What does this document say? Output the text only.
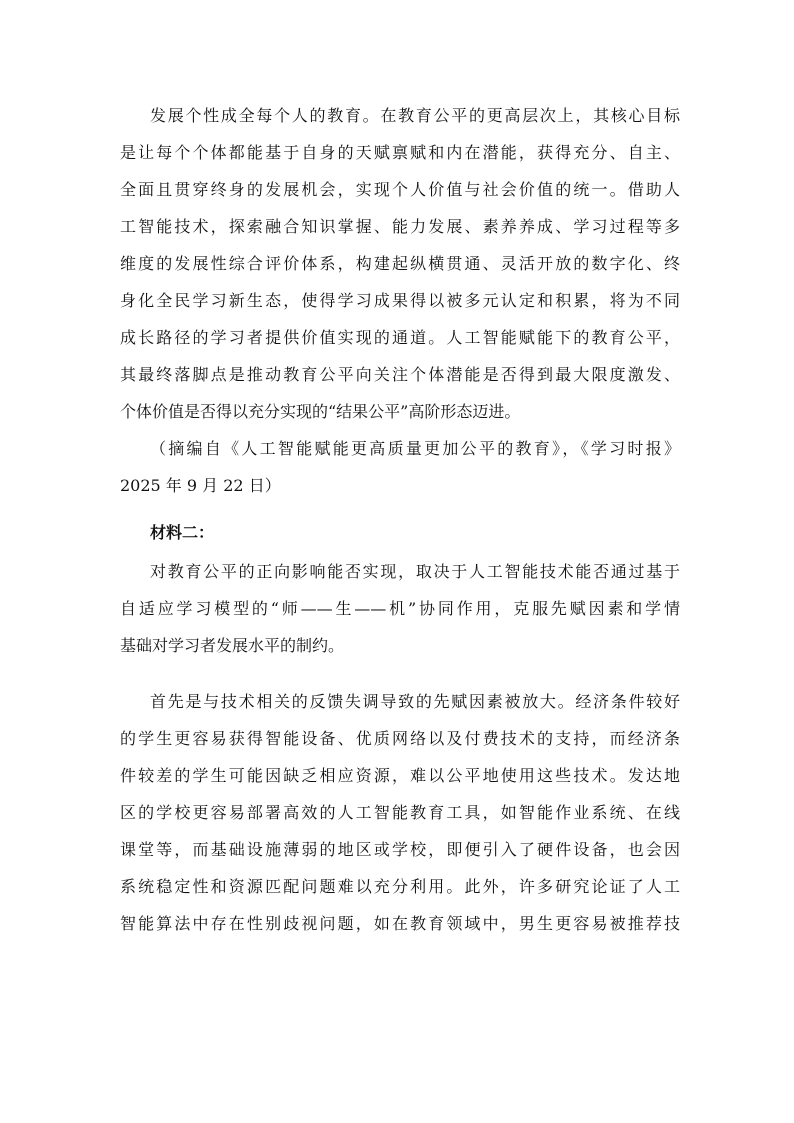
发展个性成全每个人的教育。在教育公平的更高层次上，其核心目标
是让每个个体都能基于自身的天赋禀赋和内在潜能，获得充分、自主、
全面且贯穿终身的发展机会，实现个人价值与社会价值的统一。借助人
工智能技术，探索融合知识掌握、能力发展、素养养成、学习过程等多
维度的发展性综合评价体系，构建起纵横贯通、灵活开放的数字化、终
身化全民学习新生态，使得学习成果得以被多元认定和积累，将为不同
成长路径的学习者提供价值实现的通道。人工智能赋能下的教育公平，
其最终落脚点是推动教育公平向关注个体潜能是否得到最大限度激发、
个体价值是否得以充分实现的“结果公平”高阶形态迈进。
（摘编自《人工智能赋能更高质量更加公平的教育》，《学习时报》
2025 年 9 月 22 日）
材料二：
对教育公平的正向影响能否实现，取决于人工智能技术能否通过基于
自适应学习模型的“师——生——机”协同作用，克服先赋因素和学情
基础对学习者发展水平的制约。
首先是与技术相关的反馈失调导致的先赋因素被放大。经济条件较好
的学生更容易获得智能设备、优质网络以及付费技术的支持，而经济条
件较差的学生可能因缺乏相应资源，难以公平地使用这些技术。发达地
区的学校更容易部署高效的人工智能教育工具，如智能作业系统、在线
课堂等，而基础设施薄弱的地区或学校，即便引入了硬件设备，也会因
系统稳定性和资源匹配问题难以充分利用。此外，许多研究论证了人工
智能算法中存在性别歧视问题，如在教育领域中，男生更容易被推荐技
